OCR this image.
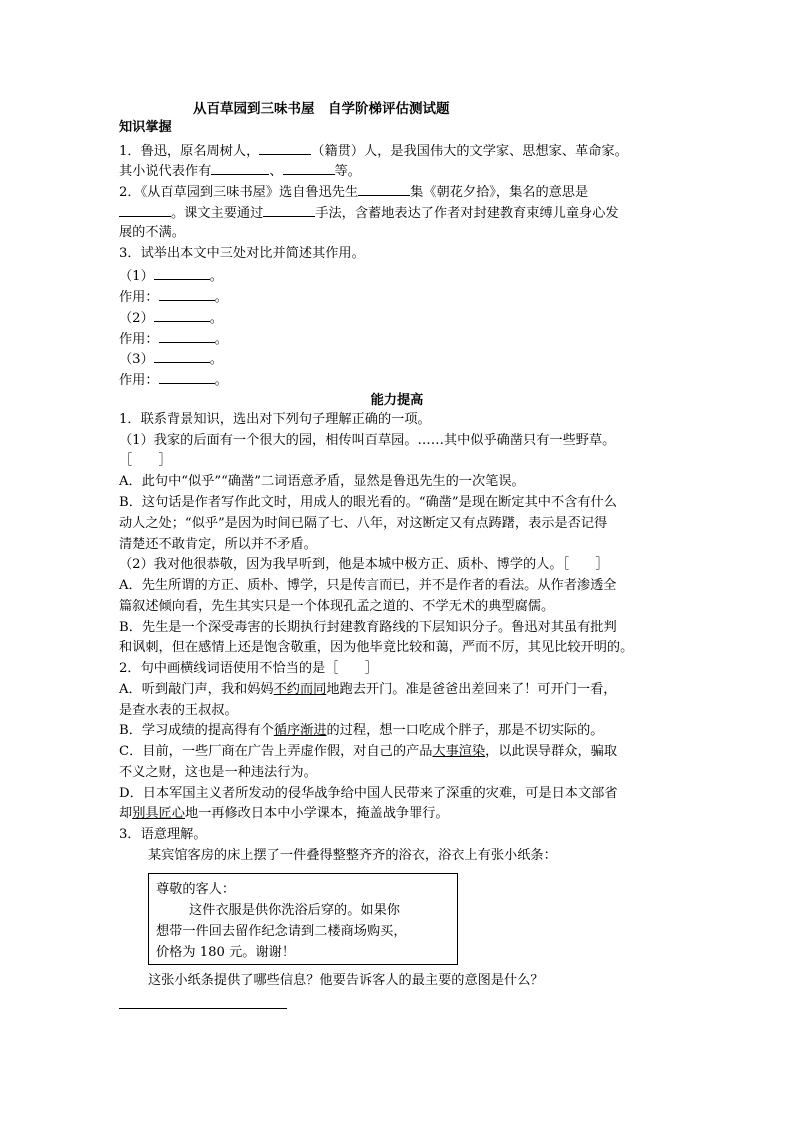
从百草园到三味书屋　自学阶梯评估测试题
知识掌握
1．鲁迅，原名周树人，	（籍贯）人，是我国伟大的文学家、思想家、革命家。
其小说代表作有	、	等。
2．《从百草园到三味书屋》选自鲁迅先生	集《朝花夕拾》，集名的意思是
。课文主要通过	手法，含蓄地表达了作者对封建教育束缚儿童身心发
展的不满。
3．试举出本文中三处对比并简述其作用。
（1）	。
作用：	。
（2）	。
作用：	。
（3）	。
作用：	。
能力提高
1．联系背景知识，选出对下列句子理解正确的一项。
（1）我家的后面有一个很大的园，相传叫百草园。……其中似乎确凿只有一些野草。
［　　］
A．此句中“似乎”“确凿”二词语意矛盾，显然是鲁迅先生的一次笔误。
B．这句话是作者写作此文时，用成人的眼光看的。“确凿”是现在断定其中不含有什么
动人之处；“似乎”是因为时间已隔了七、八年，对这断定又有点踌躇，表示是否记得
清楚还不敢肯定，所以并不矛盾。
（2）我对他很恭敬，因为我早听到，他是本城中极方正、质朴、博学的人。［　　］
A．先生所谓的方正、质朴、博学，只是传言而已，并不是作者的看法。从作者渗透全
篇叙述倾向看，先生其实只是一个体现孔孟之道的、不学无术的典型腐儒。
B．先生是一个深受毒害的长期执行封建教育路线的下层知识分子。鲁迅对其虽有批判
和讽刺，但在感情上还是饱含敬重，因为他毕竟比较和蔼，严而不厉，其见比较开明的。
2．句中画横线词语使用不恰当的是［　　］
A．听到敲门声，我和妈妈不约而同地跑去开门。准是爸爸出差回来了！可开门一看，
是查水表的王叔叔。
B．学习成绩的提高得有个循序渐进的过程，想一口吃成个胖子，那是不切实际的。
C．目前，一些厂商在广告上弄虚作假，对自己的产品大事渲染，以此误导群众，骗取
不义之财，这也是一种违法行为。
D．日本军国主义者所发动的侵华战争给中国人民带来了深重的灾难，可是日本文部省
却别具匠心地一再修改日本中小学课本，掩盖战争罪行。
3．语意理解。
某宾馆客房的床上摆了一件叠得整整齐齐的浴衣，浴衣上有张小纸条：
尊敬的客人：
这件衣服是供你洗浴后穿的。如果你
想带一件回去留作纪念请到二楼商场购买，
价格为 180 元。谢谢！
这张小纸条提供了哪些信息？他要告诉客人的最主要的意图是什么？
